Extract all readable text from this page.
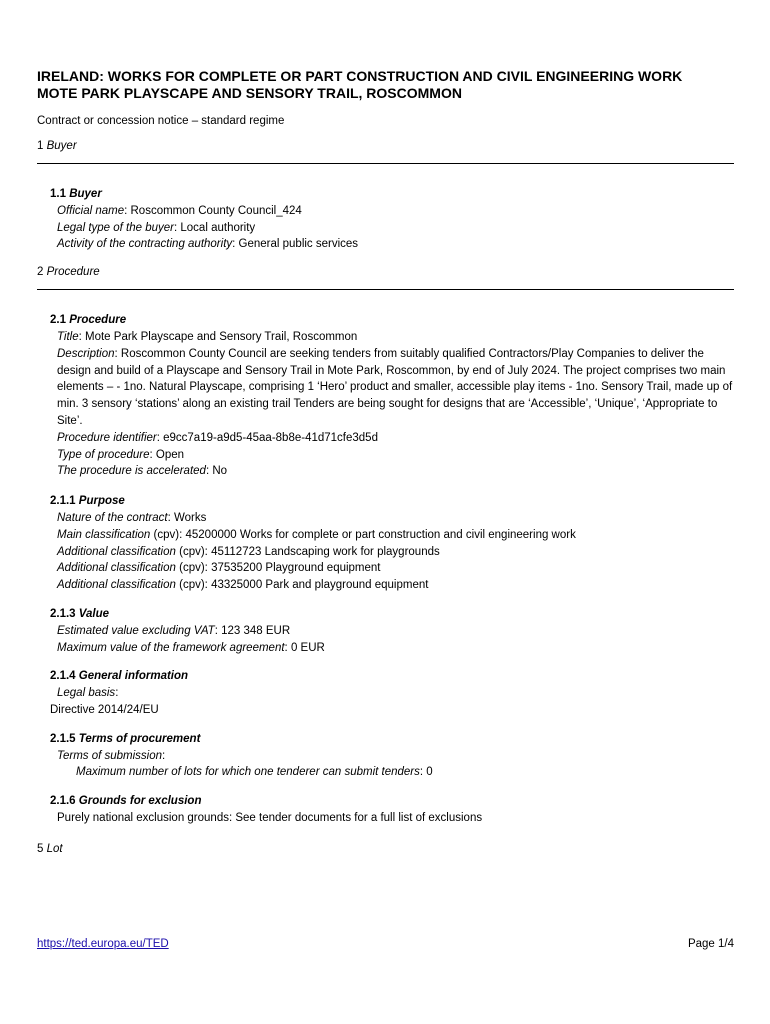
IRELAND: WORKS FOR COMPLETE OR PART CONSTRUCTION AND CIVIL ENGINEERING WORK
MOTE PARK PLAYSCAPE AND SENSORY TRAIL, ROSCOMMON
Contract or concession notice – standard regime
1 Buyer
1.1 Buyer
Official name: Roscommon County Council_424
Legal type of the buyer: Local authority
Activity of the contracting authority: General public services
2 Procedure
2.1 Procedure
Title: Mote Park Playscape and Sensory Trail, Roscommon
Description: Roscommon County Council are seeking tenders from suitably qualified Contractors/Play Companies to deliver the design and build of a Playscape and Sensory Trail in Mote Park, Roscommon, by end of July 2024. The project comprises two main elements – - 1no. Natural Playscape, comprising 1 ‘Hero’ product and smaller, accessible play items - 1no. Sensory Trail, made up of min. 3 sensory ‘stations’ along an existing trail Tenders are being sought for designs that are ‘Accessible’, ‘Unique’, ‘Appropriate to Site’.
Procedure identifier: e9cc7a19-a9d5-45aa-8b8e-41d71cfe3d5d
Type of procedure: Open
The procedure is accelerated: No
2.1.1 Purpose
Nature of the contract: Works
Main classification (cpv): 45200000 Works for complete or part construction and civil engineering work
Additional classification (cpv): 45112723 Landscaping work for playgrounds
Additional classification (cpv): 37535200 Playground equipment
Additional classification (cpv): 43325000 Park and playground equipment
2.1.3 Value
Estimated value excluding VAT: 123 348 EUR
Maximum value of the framework agreement: 0 EUR
2.1.4 General information
Legal basis:
Directive 2014/24/EU
2.1.5 Terms of procurement
Terms of submission:
Maximum number of lots for which one tenderer can submit tenders: 0
2.1.6 Grounds for exclusion
Purely national exclusion grounds: See tender documents for a full list of exclusions
5 Lot
https://ted.europa.eu/TED	Page 1/4
